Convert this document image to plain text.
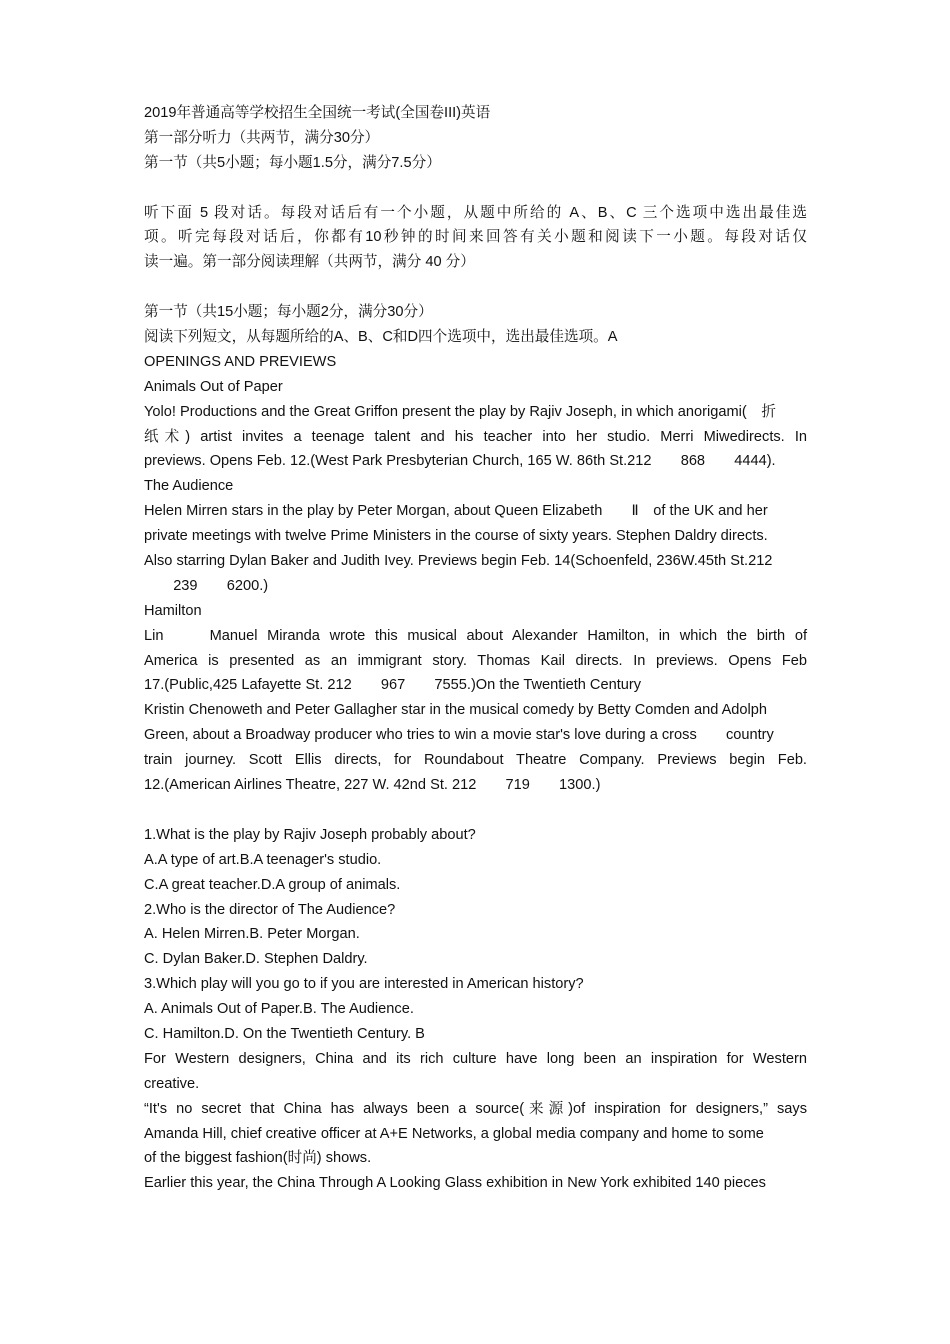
2019年普通高等学校招生全国统一考试(全国卷III)英语
第一部分听力（共两节，满分30分）
第一节（共5小题；每小题1.5分，满分7.5分）
听下面 5 段对话。每段对话后有一个小题，从题中所给的 A、B、C 三个选项中选出最佳选
项。听完每段对话后，你都有10秒钟的时间来回答有关小题和阅读下一小题。每段对话仅
读一遍。第一部分阅读理解（共两节，满分 40 分）
第一节（共15小题；每小题2分，满分30分）
阅读下列短文，从每题所给的A、B、C和D四个选项中，选出最佳选项。A
OPENINGS AND PREVIEWS
Animals Out of Paper
Yolo! Productions and the Great Griffon present the play by Rajiv Joseph, in which anorigami(　折
纸术) artist invites a teenage talent and his teacher into her studio. Merri Miwedirects. In
previews. Opens Feb. 12.(West Park Presbyterian Church, 165 W. 86th St.212　　868　　4444).
The Audience
Helen Mirren stars in the play by Peter Morgan, about Queen Elizabeth　　Ⅱ　of the UK and her
private meetings with twelve Prime Ministers in the course of sixty years. Stephen Daldry directs.
Also starring Dylan Baker and Judith Ivey. Previews begin Feb. 14(Schoenfeld, 236W.45th St.212
　　239　　6200.)
Hamilton
Lin　　Manuel Miranda wrote this musical about Alexander Hamilton, in which the birth of
America is presented as an immigrant story. Thomas Kail directs. In previews. Opens Feb
17.(Public,425 Lafayette St. 212　　967　　7555.)On the Twentieth Century
Kristin Chenoweth and Peter Gallagher star in the musical comedy by Betty Comden and Adolph
Green, about a Broadway producer who tries to win a movie star's love during a cross　　country
train journey. Scott Ellis directs, for Roundabout Theatre Company. Previews begin Feb.
12.(American Airlines Theatre, 227 W. 42nd St. 212　　719　　1300.)
1.What is the play by Rajiv Joseph probably about?
A.A type of art.B.A teenager's studio.
C.A great teacher.D.A group of animals.
2.Who is the director of The Audience?
A. Helen Mirren.B. Peter Morgan.
C. Dylan Baker.D. Stephen Daldry.
3.Which play will you go to if you are interested in American history?
A. Animals Out of Paper.B. The Audience.
C. Hamilton.D. On the Twentieth Century. B
For Western designers, China and its rich culture have long been an inspiration for Western
creative.
“It's no secret that China has always been a source(来源)of inspiration for designers,” says
Amanda Hill, chief creative officer at A+E Networks, a global media company and home to some
of the biggest fashion(时尚) shows.
Earlier this year, the China Through A Looking Glass exhibition in New York exhibited 140 pieces
